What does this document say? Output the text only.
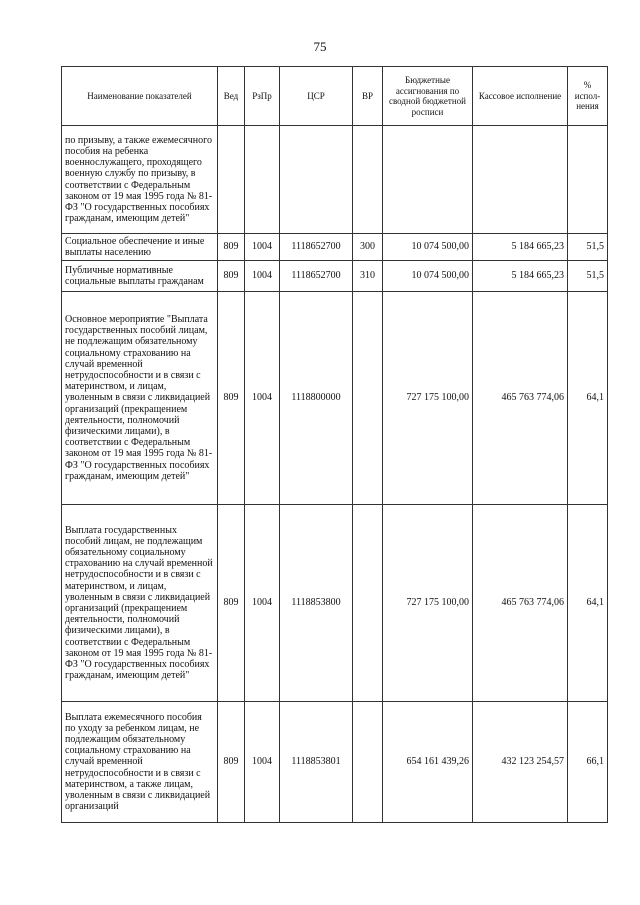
75
Наименование показателей	Вед	РзПр	ЦСР	ВР	Бюджетные ассигнования по сводной бюджетной росписи	Кассовое исполнение	% испол-нения
по призыву, а также ежемесячного пособия на ребенка военнослужащего, проходящего военную службу по призыву, в соответствии с Федеральным законом от 19 мая 1995 года № 81-ФЗ "О государственных пособиях гражданам, имеющим детей"							
Социальное обеспечение и иные выплаты населению	809	1004	1118652700	300	10 074 500,00	5 184 665,23	51,5
Публичные нормативные социальные выплаты гражданам	809	1004	1118652700	310	10 074 500,00	5 184 665,23	51,5
Основное мероприятие "Выплата государственных пособий лицам, не подлежащим обязательному социальному страхованию на случай временной нетрудоспособности и в связи с материнством, и лицам, уволенным в связи с ликвидацией организаций (прекращением деятельности, полномочий физическими лицами), в соответствии с Федеральным законом от 19 мая 1995 года № 81-ФЗ "О государственных пособиях гражданам, имеющим детей"	809	1004	1118800000		727 175 100,00	465 763 774,06	64,1
Выплата государственных пособий лицам, не подлежащим обязательному социальному страхованию на случай временной нетрудоспособности и в связи с материнством, и лицам, уволенным в связи с ликвидацией организаций (прекращением деятельности, полномочий физическими лицами), в соответствии с Федеральным законом от 19 мая 1995 года № 81-ФЗ "О государственных пособиях гражданам, имеющим детей"	809	1004	1118853800		727 175 100,00	465 763 774,06	64,1
Выплата ежемесячного пособия по уходу за ребенком лицам, не подлежащим обязательному социальному страхованию на случай временной нетрудоспособности и в связи с материнством, а также лицам, уволенным в связи с ликвидацией организаций	809	1004	1118853801		654 161 439,26	432 123 254,57	66,1
